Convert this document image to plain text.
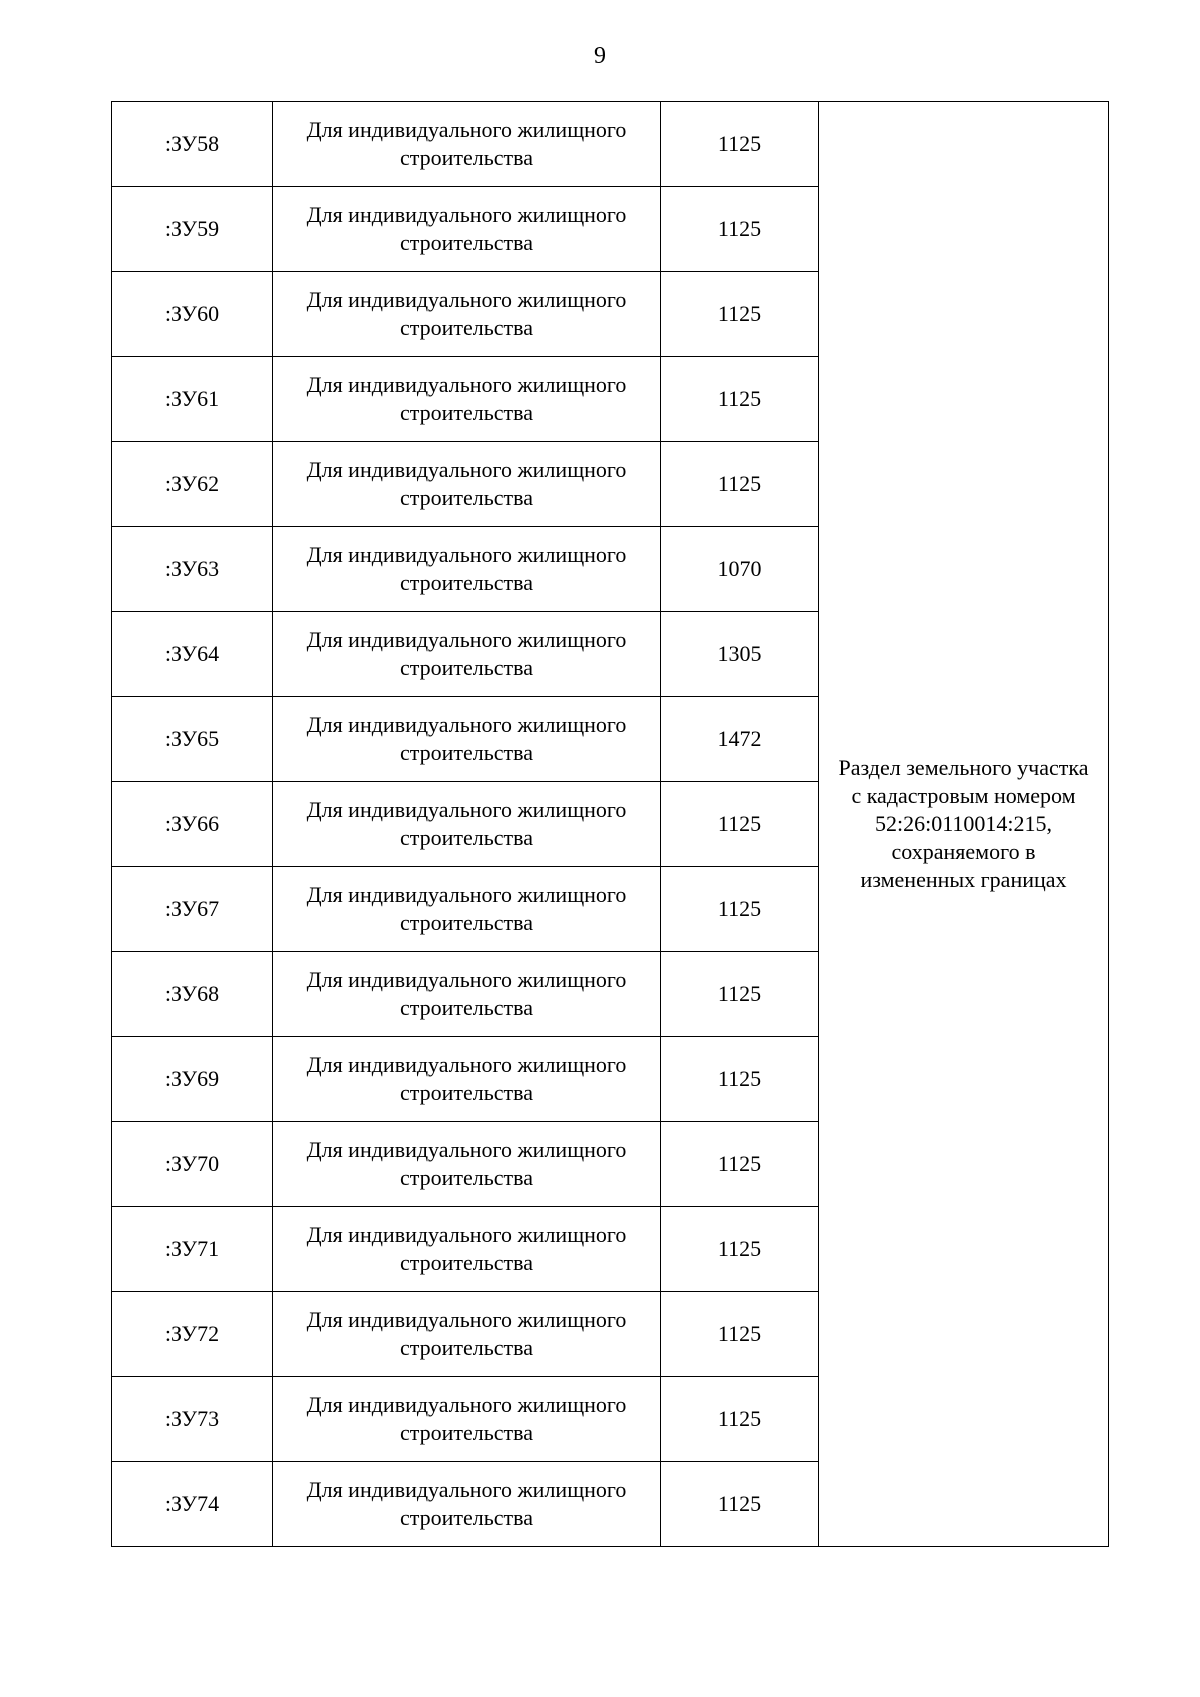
9
:ЗУ58	Для индивидуального жилищного строительства	1125	Раздел земельного участка с кадастровым номером 52:26:0110014:215, сохраняемого в измененных границах
:ЗУ59	Для индивидуального жилищного строительства	1125	
:ЗУ60	Для индивидуального жилищного строительства	1125	
:ЗУ61	Для индивидуального жилищного строительства	1125	
:ЗУ62	Для индивидуального жилищного строительства	1125	
:ЗУ63	Для индивидуального жилищного строительства	1070	
:ЗУ64	Для индивидуального жилищного строительства	1305	
:ЗУ65	Для индивидуального жилищного строительства	1472	
:ЗУ66	Для индивидуального жилищного строительства	1125	
:ЗУ67	Для индивидуального жилищного строительства	1125	
:ЗУ68	Для индивидуального жилищного строительства	1125	
:ЗУ69	Для индивидуального жилищного строительства	1125	
:ЗУ70	Для индивидуального жилищного строительства	1125	
:ЗУ71	Для индивидуального жилищного строительства	1125	
:ЗУ72	Для индивидуального жилищного строительства	1125	
:ЗУ73	Для индивидуального жилищного строительства	1125	
:ЗУ74	Для индивидуального жилищного строительства	1125	
